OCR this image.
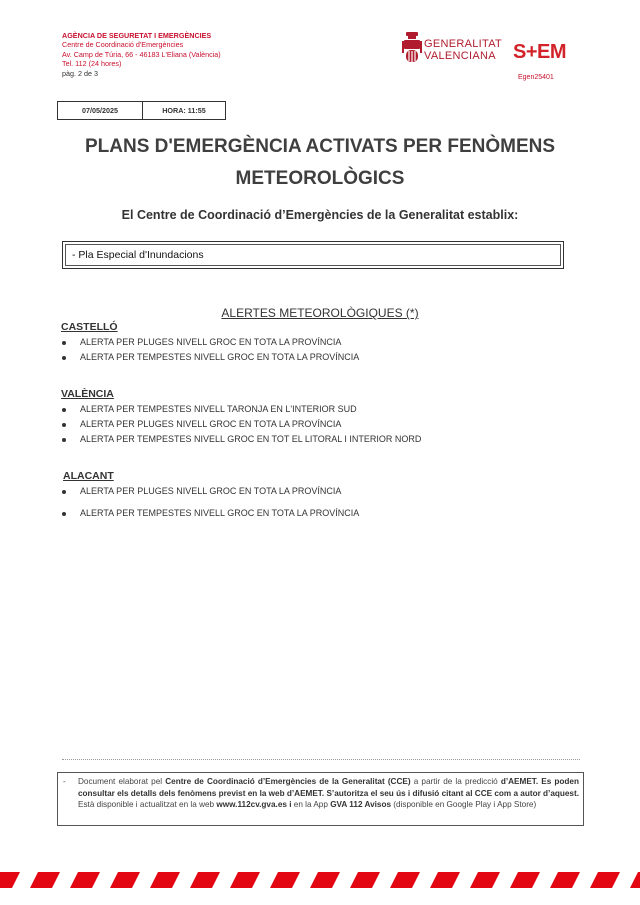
AGÈNCIA DE SEGURETAT I EMERGÈNCIES
Centre de Coordinació d'Emergències
Av. Camp de Túria, 66 - 46183 L'Eliana (València)
Tel. 112 (24 hores)
pàg. 2 de 3
GENERALITAT
VALENCIANA S+EM
Egen25401
07/05/2025	HORA: 11:55
PLANS D'EMERGÈNCIA ACTIVATS PER FENÒMENS
METEOROLÒGICS
El Centre de Coordinació d’Emergències de la Generalitat establix:
- Pla Especial d'Inundacions
ALERTES METEOROLÒGIQUES (*)
CASTELLÓ
ALERTA PER PLUGES NIVELL GROC EN TOTA LA PROVÍNCIA
ALERTA PER TEMPESTES NIVELL GROC EN TOTA LA PROVÍNCIA
VALÈNCIA
ALERTA PER TEMPESTES NIVELL TARONJA EN L'INTERIOR SUD
ALERTA PER PLUGES NIVELL GROC EN TOTA LA PROVÍNCIA
ALERTA PER TEMPESTES NIVELL GROC EN TOT EL LITORAL I INTERIOR NORD
ALACANT
ALERTA PER PLUGES NIVELL GROC EN TOTA LA PROVÍNCIA
ALERTA PER TEMPESTES NIVELL GROC EN TOTA LA PROVÍNCIA
- Document elaborat pel Centre de Coordinació d’Emergències de la Generalitat (CCE) a partir de la predicció d’AEMET. Es poden consultar els detalls dels fenòmens previst en la web d’AEMET. S’autoritza el seu ús i difusió citant al CCE com a autor d’aquest. Està disponible i actualitzat en la web www.112cv.gva.es i en la App GVA 112 Avisos (disponible en Google Play i App Store)
